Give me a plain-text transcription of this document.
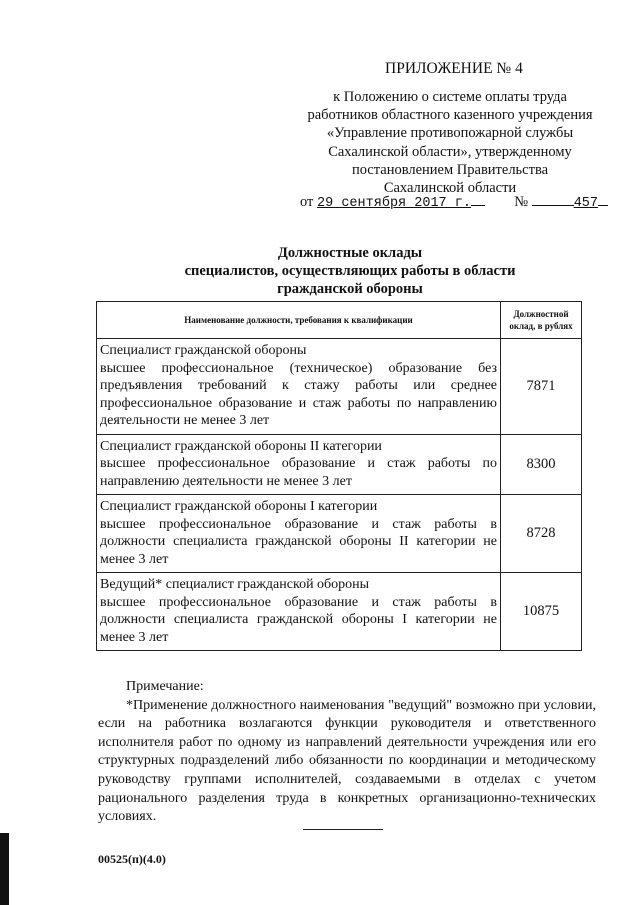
ПРИЛОЖЕНИЕ № 4
к Положению о системе оплаты труда
работников областного казенного учреждения
«Управление противопожарной службы
Сахалинской области», утвержденному
постановлением Правительства
Сахалинской области
от 29 сентября 2017 г.	№	457
Должностные оклады
специалистов, осуществляющих работы в области
гражданской обороны
Наименование должности, требования к квалификации	Должностной
оклад, в рублях

Специалист гражданской обороны
высшее профессиональное (техническое) образование без предъявления требований к стажу работы или среднее профессиональное образование и стаж работы по направлению деятельности не менее 3 лет	7871

Специалист гражданской обороны II категории
высшее профессиональное образование и стаж работы по направлению деятельности не менее 3 лет	8300

Специалист гражданской обороны I категории
высшее профессиональное образование и стаж работы в должности специалиста гражданской обороны II категории не менее 3 лет	8728

Ведущий* специалист гражданской обороны
высшее профессиональное образование и стаж работы в должности специалиста гражданской обороны I категории не менее 3 лет	10875
Примечание:
*Применение должностного наименования "ведущий" возможно при условии, если на работника возлагаются функции руководителя и ответственного исполнителя работ по одному из направлений деятельности учреждения или его структурных подразделений либо обязанности по координации и методическому руководству группами исполнителей, создаваемыми в отделах с учетом рационального разделения труда в конкретных организационно-технических условиях.
00525(п)(4.0)
